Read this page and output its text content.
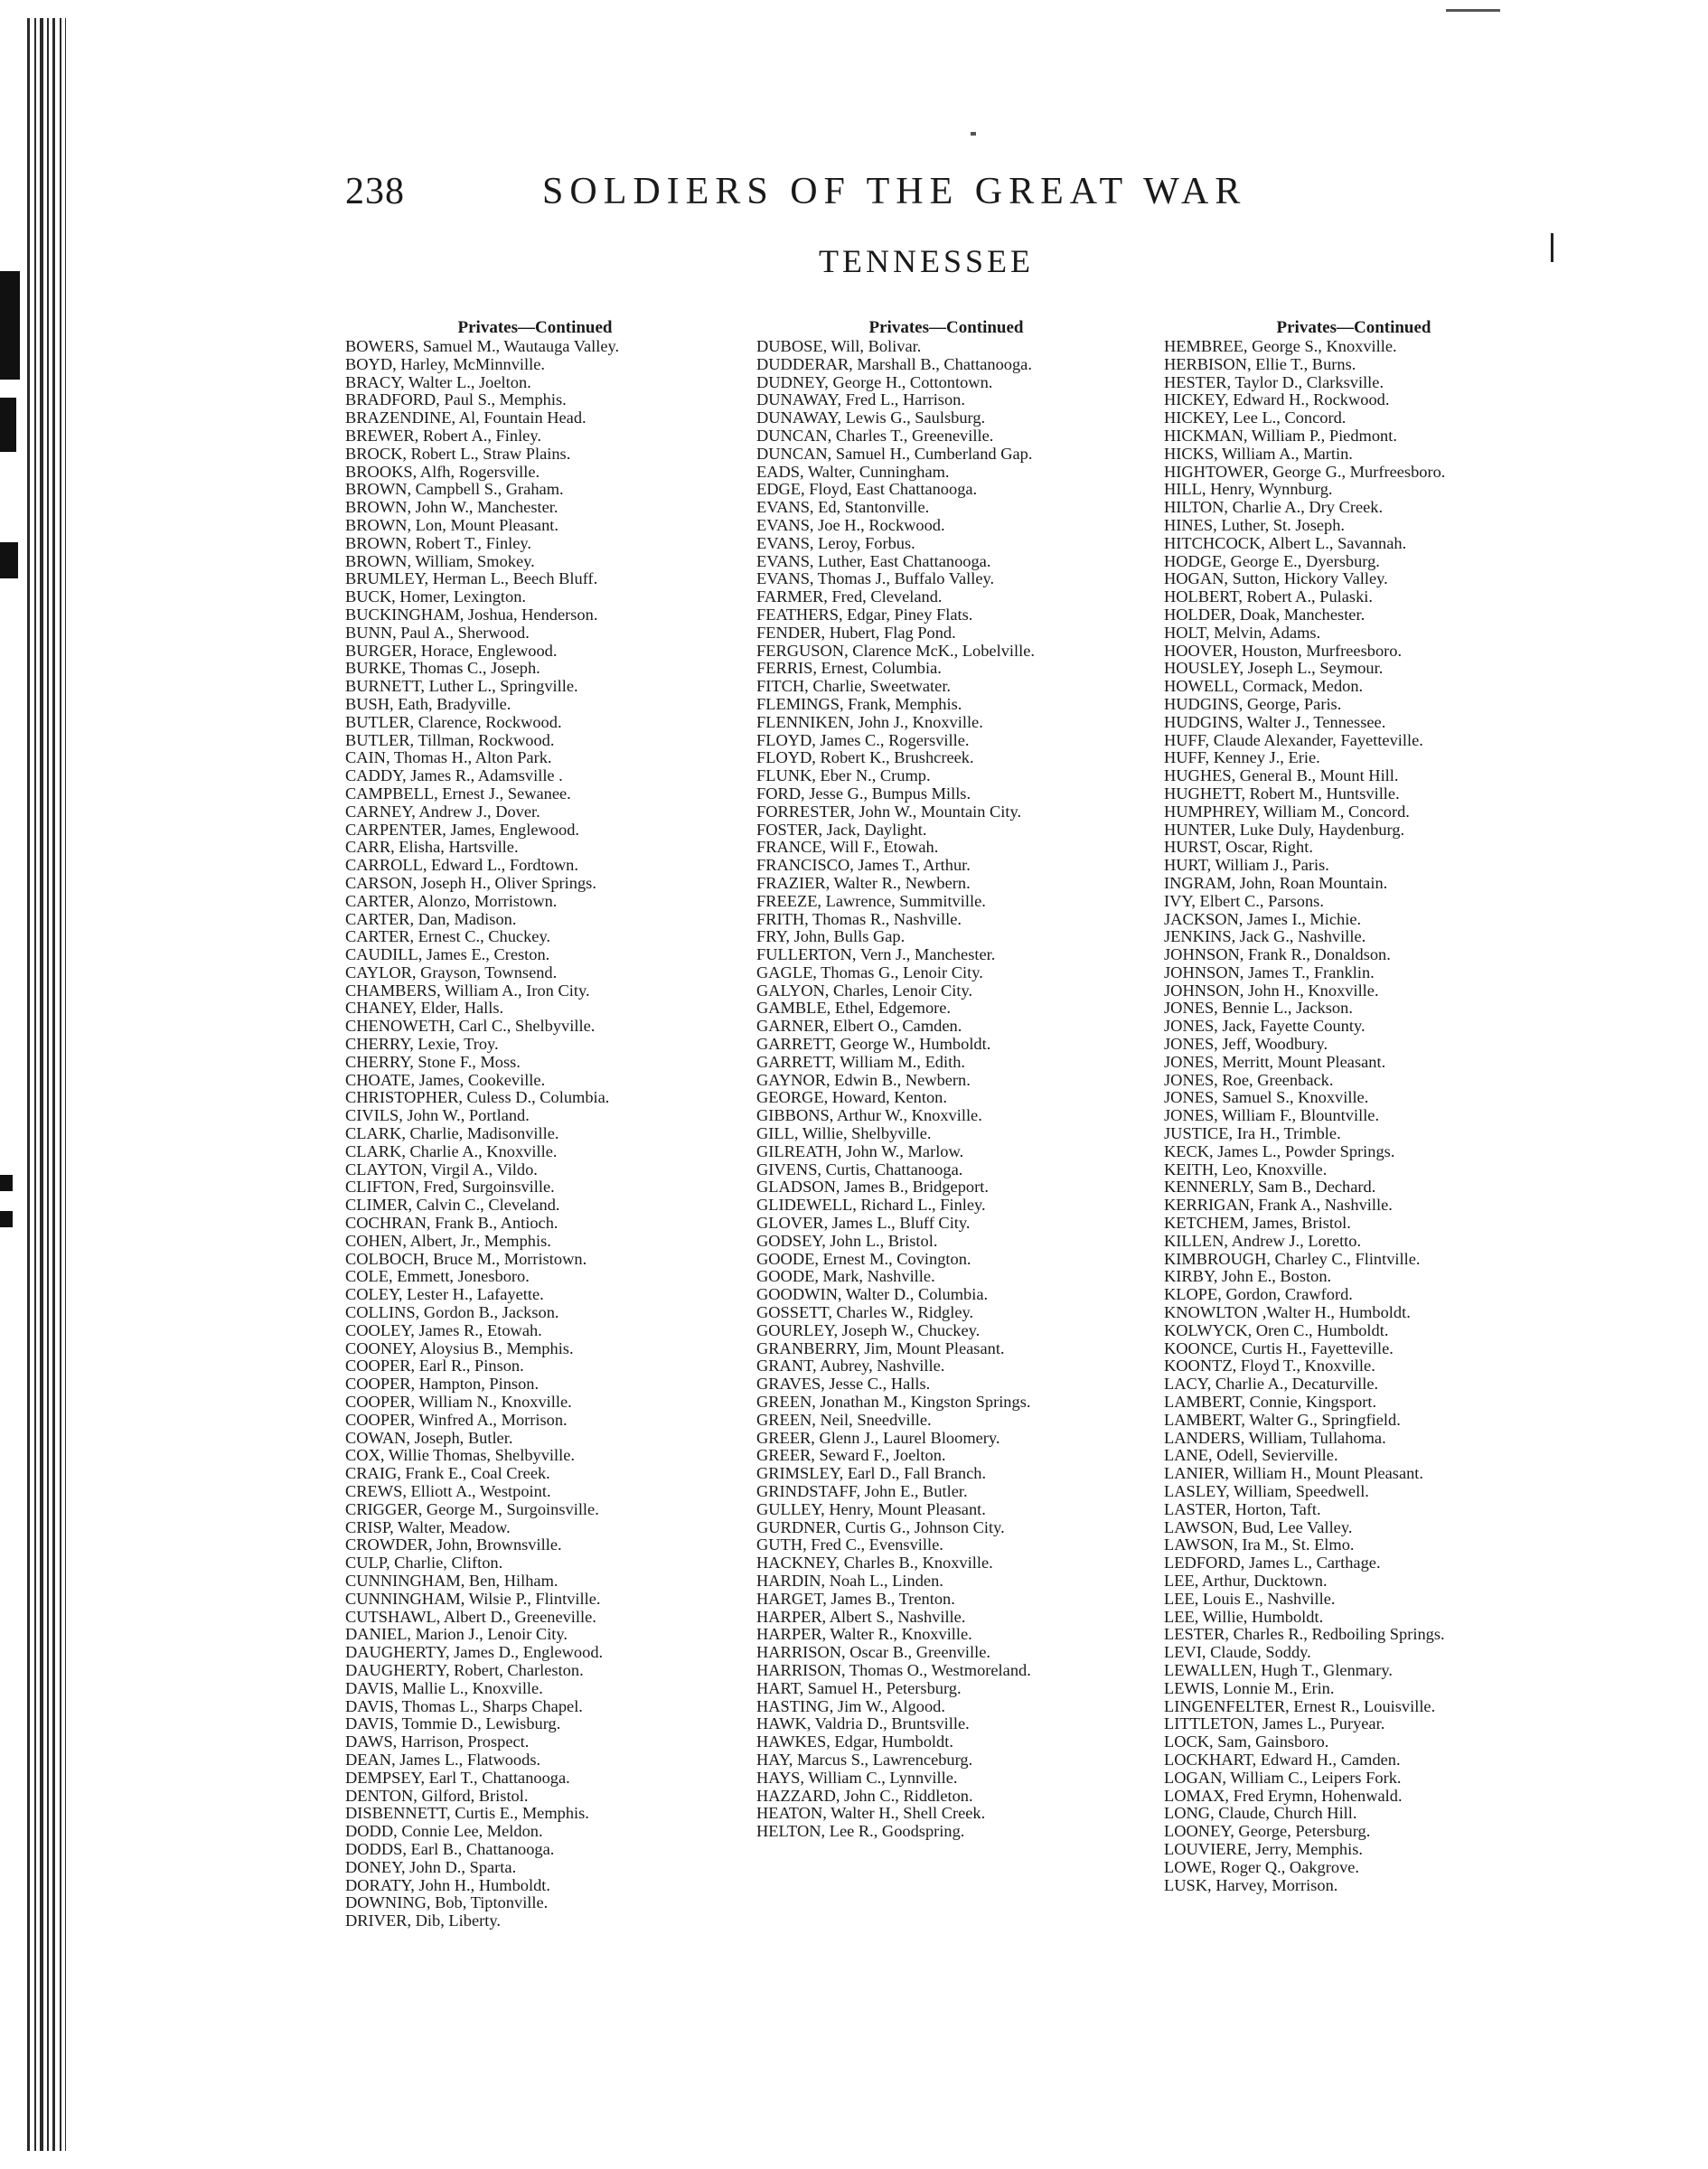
238	SOLDIERS OF THE GREAT WAR
TENNESSEE
Privates—Continued
BOWERS, Samuel M., Wautauga Valley.
BOYD, Harley, McMinnville.
BRACY, Walter L., Joelton.
BRADFORD, Paul S., Memphis.
BRAZENDINE, Al, Fountain Head.
BREWER, Robert A., Finley.
BROCK, Robert L., Straw Plains.
BROOKS, Alfh, Rogersville.
BROWN, Campbell S., Graham.
BROWN, John W., Manchester.
BROWN, Lon, Mount Pleasant.
BROWN, Robert T., Finley.
BROWN, William, Smokey.
BRUMLEY, Herman L., Beech Bluff.
BUCK, Homer, Lexington.
BUCKINGHAM, Joshua, Henderson.
BUNN, Paul A., Sherwood.
BURGER, Horace, Englewood.
BURKE, Thomas C., Joseph.
BURNETT, Luther L., Springville.
BUSH, Eath, Bradyville.
BUTLER, Clarence, Rockwood.
BUTLER, Tillman, Rockwood.
CAIN, Thomas H., Alton Park.
CADDY, James R., Adamsville .
CAMPBELL, Ernest J., Sewanee.
CARNEY, Andrew J., Dover.
CARPENTER, James, Englewood.
CARR, Elisha, Hartsville.
CARROLL, Edward L., Fordtown.
CARSON, Joseph H., Oliver Springs.
CARTER, Alonzo, Morristown.
CARTER, Dan, Madison.
CARTER, Ernest C., Chuckey.
CAUDILL, James E., Creston.
CAYLOR, Grayson, Townsend.
CHAMBERS, William A., Iron City.
CHANEY, Elder, Halls.
CHENOWETH, Carl C., Shelbyville.
CHERRY, Lexie, Troy.
CHERRY, Stone F., Moss.
CHOATE, James, Cookeville.
CHRISTOPHER, Culess D., Columbia.
CIVILS, John W., Portland.
CLARK, Charlie, Madisonville.
CLARK, Charlie A., Knoxville.
CLAYTON, Virgil A., Vildo.
CLIFTON, Fred, Surgoinsville.
CLIMER, Calvin C., Cleveland.
COCHRAN, Frank B., Antioch.
COHEN, Albert, Jr., Memphis.
COLBOCH, Bruce M., Morristown.
COLE, Emmett, Jonesboro.
COLEY, Lester H., Lafayette.
COLLINS, Gordon B., Jackson.
COOLEY, James R., Etowah.
COONEY, Aloysius B., Memphis.
COOPER, Earl R., Pinson.
COOPER, Hampton, Pinson.
COOPER, William N., Knoxville.
COOPER, Winfred A., Morrison.
COWAN, Joseph, Butler.
COX, Willie Thomas, Shelbyville.
CRAIG, Frank E., Coal Creek.
CREWS, Elliott A., Westpoint.
CRIGGER, George M., Surgoinsville.
CRISP, Walter, Meadow.
CROWDER, John, Brownsville.
CULP, Charlie, Clifton.
CUNNINGHAM, Ben, Hilham.
CUNNINGHAM, Wilsie P., Flintville.
CUTSHAWL, Albert D., Greeneville.
DANIEL, Marion J., Lenoir City.
DAUGHERTY, James D., Englewood.
DAUGHERTY, Robert, Charleston.
DAVIS, Mallie L., Knoxville.
DAVIS, Thomas L., Sharps Chapel.
DAVIS, Tommie D., Lewisburg.
DAWS, Harrison, Prospect.
DEAN, James L., Flatwoods.
DEMPSEY, Earl T., Chattanooga.
DENTON, Gilford, Bristol.
DISBENNETT, Curtis E., Memphis.
DODD, Connie Lee, Meldon.
DODDS, Earl B., Chattanooga.
DONEY, John D., Sparta.
DORATY, John H., Humboldt.
DOWNING, Bob, Tiptonville.
DRIVER, Dib, Liberty.
Privates—Continued
DUBOSE, Will, Bolivar.
DUDDERAR, Marshall B., Chattanooga.
DUDNEY, George H., Cottontown.
DUNAWAY, Fred L., Harrison.
DUNAWAY, Lewis G., Saulsburg.
DUNCAN, Charles T., Greeneville.
DUNCAN, Samuel H., Cumberland Gap.
EADS, Walter, Cunningham.
EDGE, Floyd, East Chattanooga.
EVANS, Ed, Stantonville.
EVANS, Joe H., Rockwood.
EVANS, Leroy, Forbus.
EVANS, Luther, East Chattanooga.
EVANS, Thomas J., Buffalo Valley.
FARMER, Fred, Cleveland.
FEATHERS, Edgar, Piney Flats.
FENDER, Hubert, Flag Pond.
FERGUSON, Clarence McK., Lobelville.
FERRIS, Ernest, Columbia.
FITCH, Charlie, Sweetwater.
FLEMINGS, Frank, Memphis.
FLENNIKEN, John J., Knoxville.
FLOYD, James C., Rogersville.
FLOYD, Robert K., Brushcreek.
FLUNK, Eber N., Crump.
FORD, Jesse G., Bumpus Mills.
FORRESTER, John W., Mountain City.
FOSTER, Jack, Daylight.
FRANCE, Will F., Etowah.
FRANCISCO, James T., Arthur.
FRAZIER, Walter R., Newbern.
FREEZE, Lawrence, Summitville.
FRITH, Thomas R., Nashville.
FRY, John, Bulls Gap.
FULLERTON, Vern J., Manchester.
GAGLE, Thomas G., Lenoir City.
GALYON, Charles, Lenoir City.
GAMBLE, Ethel, Edgemore.
GARNER, Elbert O., Camden.
GARRETT, George W., Humboldt.
GARRETT, William M., Edith.
GAYNOR, Edwin B., Newbern.
GEORGE, Howard, Kenton.
GIBBONS, Arthur W., Knoxville.
GILL, Willie, Shelbyville.
GILREATH, John W., Marlow.
GIVENS, Curtis, Chattanooga.
GLADSON, James B., Bridgeport.
GLIDEWELL, Richard L., Finley.
GLOVER, James L., Bluff City.
GODSEY, John L., Bristol.
GOODE, Ernest M., Covington.
GOODE, Mark, Nashville.
GOODWIN, Walter D., Columbia.
GOSSETT, Charles W., Ridgley.
GOURLEY, Joseph W., Chuckey.
GRANBERRY, Jim, Mount Pleasant.
GRANT, Aubrey, Nashville.
GRAVES, Jesse C., Halls.
GREEN, Jonathan M., Kingston Springs.
GREEN, Neil, Sneedville.
GREER, Glenn J., Laurel Bloomery.
GREER, Seward F., Joelton.
GRIMSLEY, Earl D., Fall Branch.
GRINDSTAFF, John E., Butler.
GULLEY, Henry, Mount Pleasant.
GURDNER, Curtis G., Johnson City.
GUTH, Fred C., Evensville.
HACKNEY, Charles B., Knoxville.
HARDIN, Noah L., Linden.
HARGET, James B., Trenton.
HARPER, Albert S., Nashville.
HARPER, Walter R., Knoxville.
HARRISON, Oscar B., Greenville.
HARRISON, Thomas O., Westmoreland.
HART, Samuel H., Petersburg.
HASTING, Jim W., Algood.
HAWK, Valdria D., Bruntsville.
HAWKES, Edgar, Humboldt.
HAY, Marcus S., Lawrenceburg.
HAYS, William C., Lynnville.
HAZZARD, John C., Riddleton.
HEATON, Walter H., Shell Creek.
HELTON, Lee R., Goodspring.
Privates—Continued
HEMBREE, George S., Knoxville.
HERBISON, Ellie T., Burns.
HESTER, Taylor D., Clarksville.
HICKEY, Edward H., Rockwood.
HICKEY, Lee L., Concord.
HICKMAN, William P., Piedmont.
HICKS, William A., Martin.
HIGHTOWER, George G., Murfreesboro.
HILL, Henry, Wynnburg.
HILTON, Charlie A., Dry Creek.
HINES, Luther, St. Joseph.
HITCHCOCK, Albert L., Savannah.
HODGE, George E., Dyersburg.
HOGAN, Sutton, Hickory Valley.
HOLBERT, Robert A., Pulaski.
HOLDER, Doak, Manchester.
HOLT, Melvin, Adams.
HOOVER, Houston, Murfreesboro.
HOUSLEY, Joseph L., Seymour.
HOWELL, Cormack, Medon.
HUDGINS, George, Paris.
HUDGINS, Walter J., Tennessee.
HUFF, Claude Alexander, Fayetteville.
HUFF, Kenney J., Erie.
HUGHES, General B., Mount Hill.
HUGHETT, Robert M., Huntsville.
HUMPHREY, William M., Concord.
HUNTER, Luke Duly, Haydenburg.
HURST, Oscar, Right.
HURT, William J., Paris.
INGRAM, John, Roan Mountain.
IVY, Elbert C., Parsons.
JACKSON, James I., Michie.
JENKINS, Jack G., Nashville.
JOHNSON, Frank R., Donaldson.
JOHNSON, James T., Franklin.
JOHNSON, John H., Knoxville.
JONES, Bennie L., Jackson.
JONES, Jack, Fayette County.
JONES, Jeff, Woodbury.
JONES, Merritt, Mount Pleasant.
JONES, Roe, Greenback.
JONES, Samuel S., Knoxville.
JONES, William F., Blountville.
JUSTICE, Ira H., Trimble.
KECK, James L., Powder Springs.
KEITH, Leo, Knoxville.
KENNERLY, Sam B., Dechard.
KERRIGAN, Frank A., Nashville.
KETCHEM, James, Bristol.
KILLEN, Andrew J., Loretto.
KIMBROUGH, Charley C., Flintville.
KIRBY, John E., Boston.
KLOPE, Gordon, Crawford.
KNOWLTON ,Walter H., Humboldt.
KOLWYCK, Oren C., Humboldt.
KOONCE, Curtis H., Fayetteville.
KOONTZ, Floyd T., Knoxville.
LACY, Charlie A., Decaturville.
LAMBERT, Connie, Kingsport.
LAMBERT, Walter G., Springfield.
LANDERS, William, Tullahoma.
LANE, Odell, Sevierville.
LANIER, William H., Mount Pleasant.
LASLEY, William, Speedwell.
LASTER, Horton, Taft.
LAWSON, Bud, Lee Valley.
LAWSON, Ira M., St. Elmo.
LEDFORD, James L., Carthage.
LEE, Arthur, Ducktown.
LEE, Louis E., Nashville.
LEE, Willie, Humboldt.
LESTER, Charles R., Redboiling Springs.
LEVI, Claude, Soddy.
LEWALLEN, Hugh T., Glenmary.
LEWIS, Lonnie M., Erin.
LINGENFELTER, Ernest R., Louisville.
LITTLETON, James L., Puryear.
LOCK, Sam, Gainsboro.
LOCKHART, Edward H., Camden.
LOGAN, William C., Leipers Fork.
LOMAX, Fred Erymn, Hohenwald.
LONG, Claude, Church Hill.
LOONEY, George, Petersburg.
LOUVIERE, Jerry, Memphis.
LOWE, Roger Q., Oakgrove.
LUSK, Harvey, Morrison.
